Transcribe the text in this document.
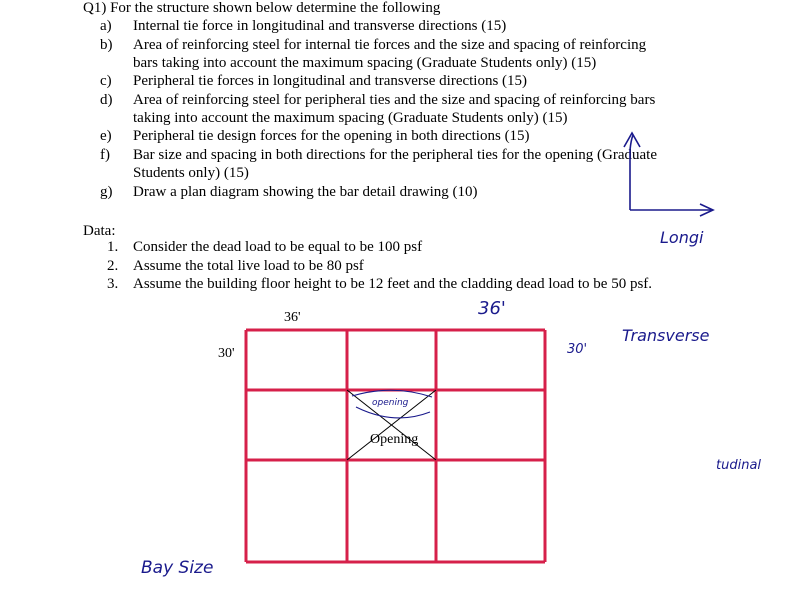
Q1) For the structure shown below determine the following
a)	Internal tie force in longitudinal and transverse directions (15)
b)	Area of reinforcing steel for internal tie forces and the size and spacing of reinforcing
bars taking into account the maximum spacing (Graduate Students only) (15)
c)	Peripheral tie forces in longitudinal and transverse directions (15)
d)	Area of reinforcing steel for peripheral ties and the size and spacing of reinforcing bars
taking into account the maximum spacing (Graduate Students only) (15)
e)	Peripheral tie design forces for the opening in both directions (15)
f)	Bar size and spacing in both directions for the peripheral ties for the opening (Graduate
Students only) (15)
g)	Draw a plan diagram showing the bar detail drawing (10)
Data:
1. Consider the dead load to be equal to be 100 psf
2. Assume the total live load to be 80 psf
3. Assume the building floor height to be 12 feet and the cladding dead load to be 50 psf.
36'
30'
Opening
36'
30'
Transverse
Longi
tudinal
opening
Bay Size
